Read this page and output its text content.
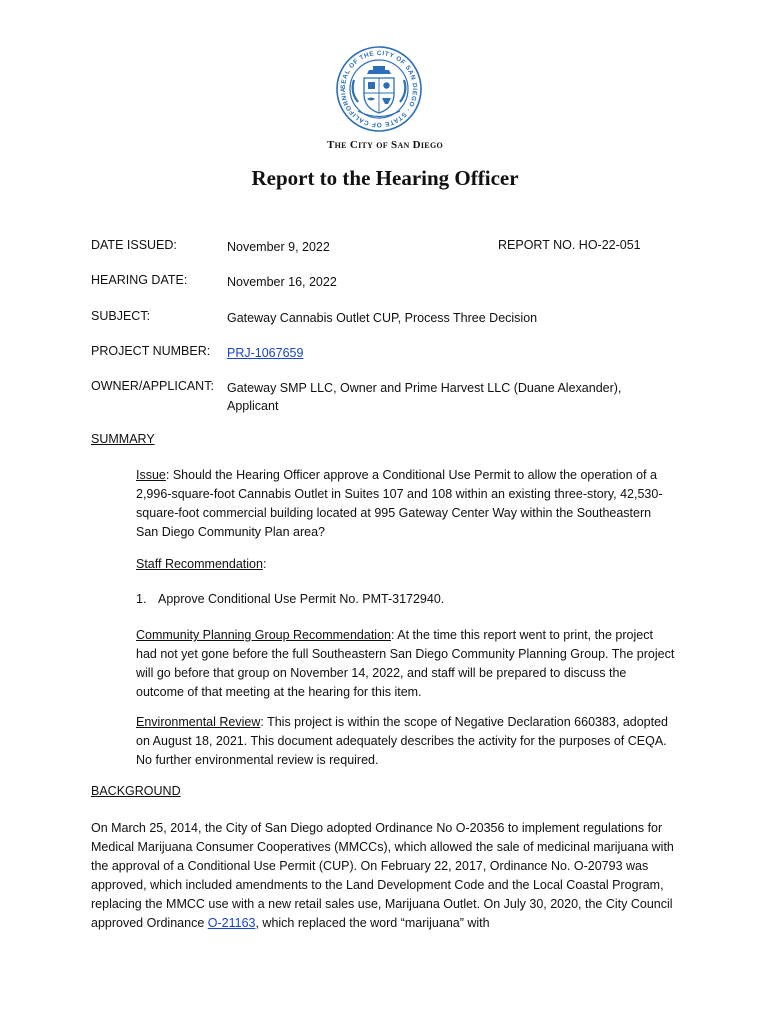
SEAL OF THE CITY OF SAN DIEGO · STATE OF CALIFORNIA
The City of San Diego
Report to the Hearing Officer
DATE ISSUED:	November 9, 2022	REPORT NO. HO-22-051
HEARING DATE:	November 16, 2022
SUBJECT:	Gateway Cannabis Outlet CUP, Process Three Decision
PROJECT NUMBER: PRJ-1067659
OWNER/APPLICANT: Gateway SMP LLC, Owner and Prime Harvest LLC (Duane Alexander), Applicant
SUMMARY

Issue: Should the Hearing Officer approve a Conditional Use Permit to allow the operation of a 2,996-square-foot Cannabis Outlet in Suites 107 and 108 within an existing three-story, 42,530-square-foot commercial building located at 995 Gateway Center Way within the Southeastern San Diego Community Plan area?

Staff Recommendation:

1. Approve Conditional Use Permit No. PMT-3172940.

Community Planning Group Recommendation: At the time this report went to print, the project had not yet gone before the full Southeastern San Diego Community Planning Group. The project will go before that group on November 14, 2022, and staff will be prepared to discuss the outcome of that meeting at the hearing for this item.

Environmental Review: This project is within the scope of Negative Declaration 660383, adopted on August 18, 2021. This document adequately describes the activity for the purposes of CEQA. No further environmental review is required.

BACKGROUND

On March 25, 2014, the City of San Diego adopted Ordinance No O-20356 to implement regulations for Medical Marijuana Consumer Cooperatives (MMCCs), which allowed the sale of medicinal marijuana with the approval of a Conditional Use Permit (CUP). On February 22, 2017, Ordinance No. O-20793 was approved, which included amendments to the Land Development Code and the Local Coastal Program, replacing the MMCC use with a new retail sales use, Marijuana Outlet. On July 30, 2020, the City Council approved Ordinance O-21163, which replaced the word “marijuana” with
